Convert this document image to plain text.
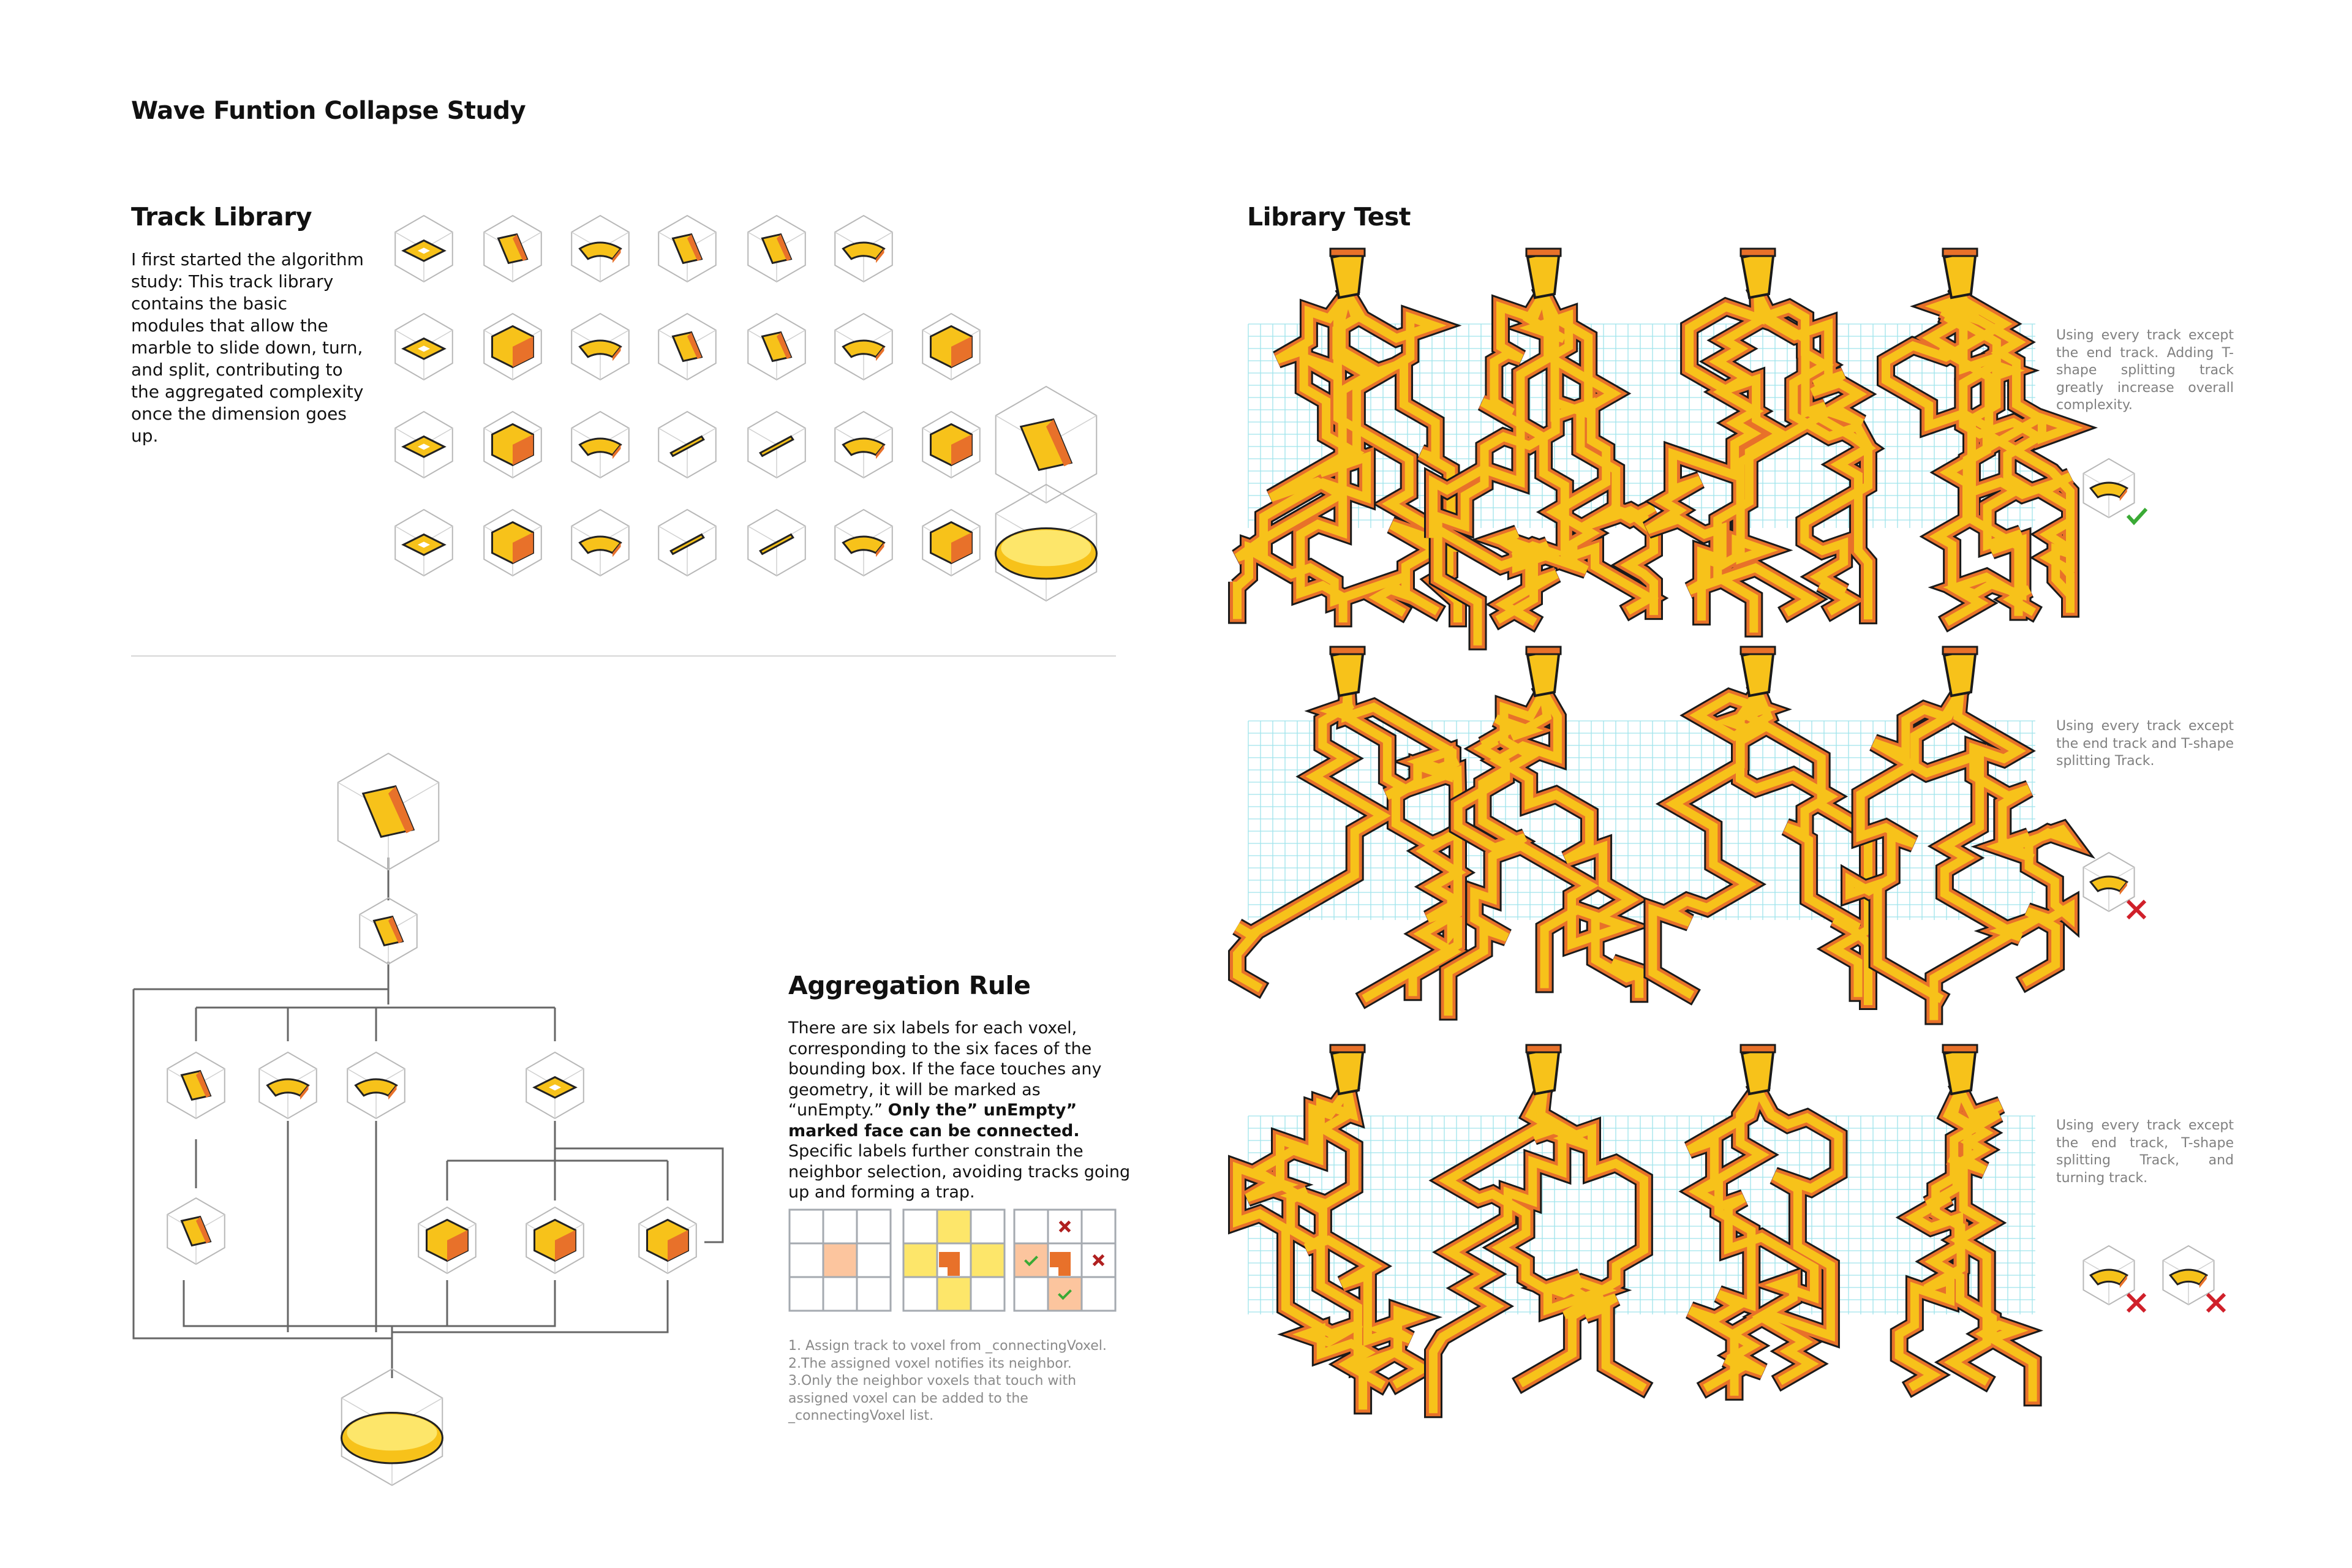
Wave Funtion Collapse Study
Track Library
I first started the algorithm study: This track library contains the basic modules that allow the marble to slide down, turn, and split, contributing to the aggregated complexity once the dimension goes up.
Aggregation Rule
There are six labels for each voxel, corresponding to the six faces of the bounding box. If the face touches any geometry, it will be marked as “unEmpty.” Only the” unEmpty” marked face can be connected. Specific labels further constrain the neighbor selection, avoiding tracks going up and forming a trap.
1. Assign track to voxel from _connectingVoxel.
2.The assigned voxel notifies its neighbor.
3.Only the neighbor voxels that touch with assigned voxel can be added to the _connectingVoxel list.
Library Test
Using every track except the end track. Adding T-shape splitting track greatly increase overall complexity.
Using every track except the end track and T-shape splitting Track.
Using every track except the end track, T-shape splitting Track, and turning track.
